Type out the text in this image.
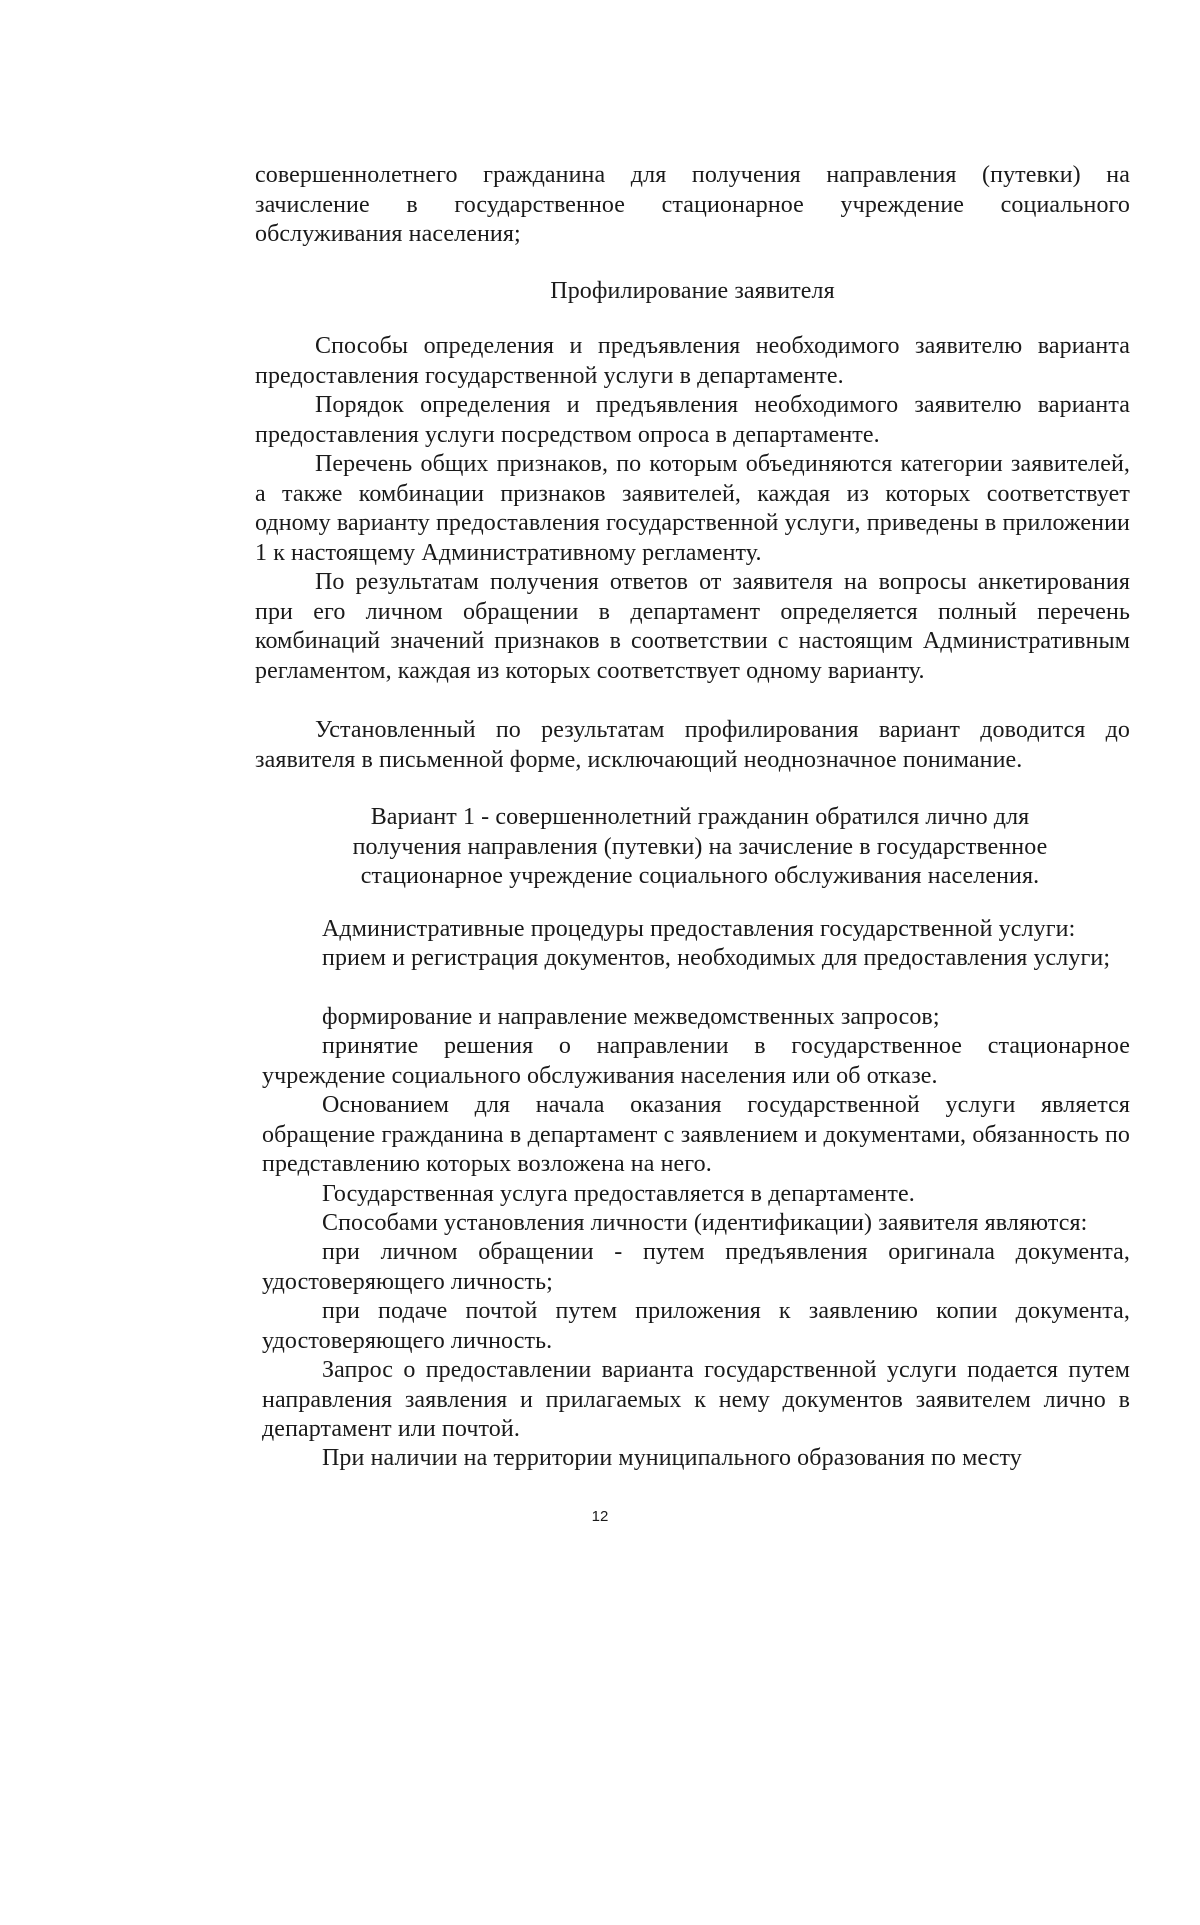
совершеннолетнего гражданина для получения направления (путевки) на зачисление в государственное стационарное учреждение социального обслуживания населения;
Профилирование заявителя
Способы определения и предъявления необходимого заявителю варианта предоставления государственной услуги в департаменте.
Порядок определения и предъявления необходимого заявителю варианта предоставления услуги посредством опроса в департаменте.
Перечень общих признаков, по которым объединяются категории заявителей, а также комбинации признаков заявителей, каждая из которых соответствует одному варианту предоставления государственной услуги, приведены в приложении 1 к настоящему Административному регламенту.
По результатам получения ответов от заявителя на вопросы анкетирования при его личном обращении в департамент определяется полный перечень комбинаций значений признаков в соответствии с настоящим Административным регламентом, каждая из которых соответствует одному варианту.
Установленный по результатам профилирования вариант доводится до заявителя в письменной форме, исключающий неоднозначное понимание.
Вариант 1 - совершеннолетний гражданин обратился лично для получения направления (путевки) на зачисление в государственное стационарное учреждение социального обслуживания населения.
Административные процедуры предоставления государственной услуги:
прием и регистрация документов, необходимых для предоставления услуги;
формирование и направление межведомственных запросов;
принятие решения о направлении в государственное стационарное учреждение социального обслуживания населения или об отказе.
Основанием для начала оказания государственной услуги является обращение гражданина в департамент с заявлением и документами, обязанность по представлению которых возложена на него.
Государственная услуга предоставляется в департаменте.
Способами установления личности (идентификации) заявителя являются:
при личном обращении - путем предъявления оригинала документа, удостоверяющего личность;
при подаче почтой путем приложения к заявлению копии документа, удостоверяющего личность.
Запрос о предоставлении варианта государственной услуги подается путем направления заявления и прилагаемых к нему документов заявителем лично в департамент или почтой.
При наличии на территории муниципального образования по месту
12
